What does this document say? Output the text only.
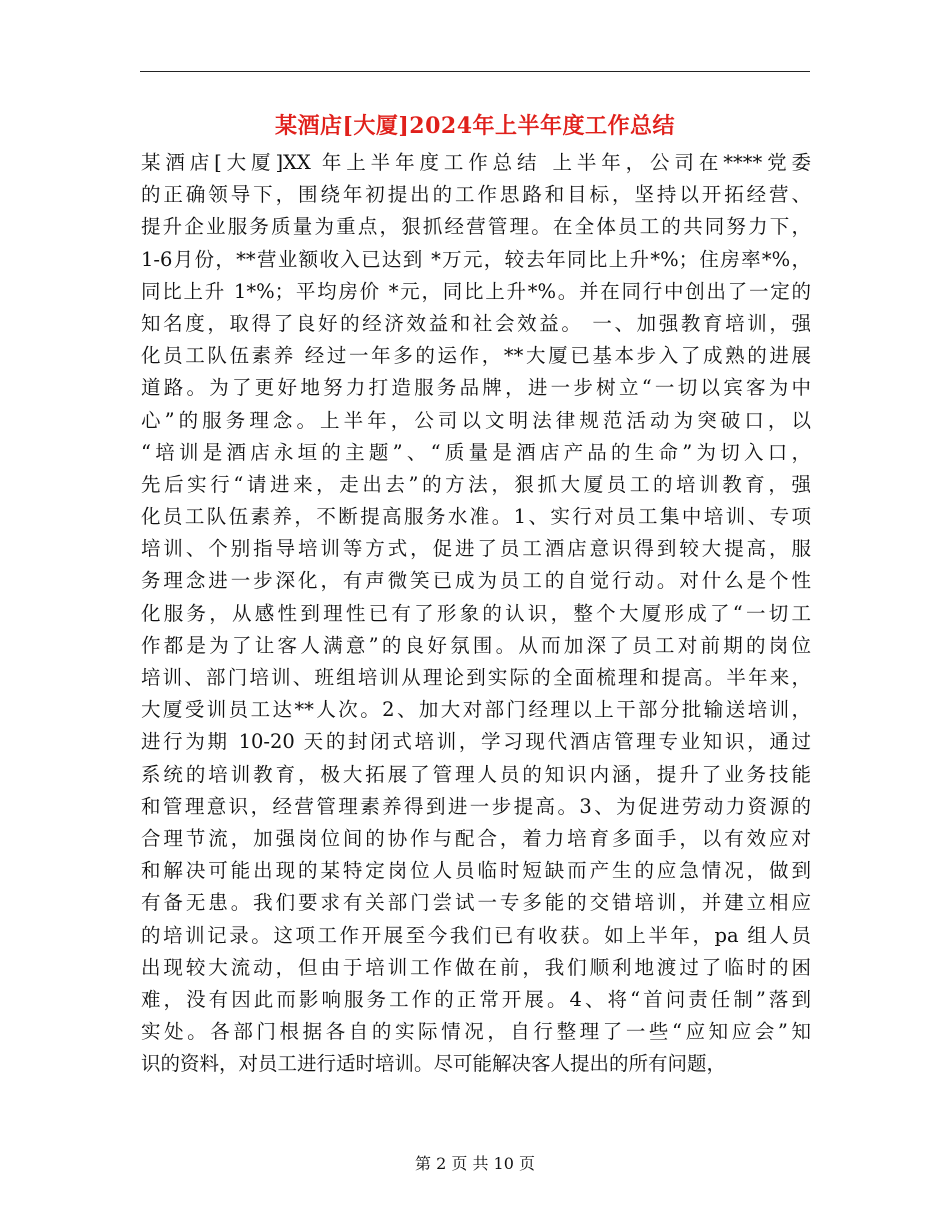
某酒店[大厦]2024年上半年度工作总结
某酒店[大厦]XX 年上半年度工作总结 上半年，公司在****党委
的正确领导下，围绕年初提出的工作思路和目标，坚持以开拓经营、
提升企业服务质量为重点，狠抓经营管理。在全体员工的共同努力下，
1-6月份，**营业额收入已达到 *万元，较去年同比上升*%；住房率*%，
同比上升 1*%；平均房价 *元，同比上升*%。并在同行中创出了一定的
知名度，取得了良好的经济效益和社会效益。 一、加强教育培训，强
化员工队伍素养 经过一年多的运作，**大厦已基本步入了成熟的进展
道路。为了更好地努力打造服务品牌，进一步树立“一切以宾客为中
心”的服务理念。上半年，公司以文明法律规范活动为突破口，以
“培训是酒店永垣的主题”、“质量是酒店产品的生命”为切入口，
先后实行“请进来，走出去”的方法，狠抓大厦员工的培训教育，强
化员工队伍素养，不断提高服务水准。1、实行对员工集中培训、专项
培训、个别指导培训等方式，促进了员工酒店意识得到较大提高，服
务理念进一步深化，有声微笑已成为员工的自觉行动。对什么是个性
化服务，从感性到理性已有了形象的认识，整个大厦形成了“一切工
作都是为了让客人满意”的良好氛围。从而加深了员工对前期的岗位
培训、部门培训、班组培训从理论到实际的全面梳理和提高。半年来，
大厦受训员工达**人次。2、加大对部门经理以上干部分批输送培训，
进行为期 10-20 天的封闭式培训，学习现代酒店管理专业知识，通过
系统的培训教育，极大拓展了管理人员的知识内涵，提升了业务技能
和管理意识，经营管理素养得到进一步提高。3、为促进劳动力资源的
合理节流，加强岗位间的协作与配合，着力培育多面手，以有效应对
和解决可能出现的某特定岗位人员临时短缺而产生的应急情况，做到
有备无患。我们要求有关部门尝试一专多能的交错培训，并建立相应
的培训记录。这项工作开展至今我们已有收获。如上半年，pa 组人员
出现较大流动，但由于培训工作做在前，我们顺利地渡过了临时的困
难，没有因此而影响服务工作的正常开展。4、将“首问责任制”落到
实处。各部门根据各自的实际情况，自行整理了一些“应知应会”知
识的资料，对员工进行适时培训。尽可能解决客人提出的所有问题，
第 2 页 共 10 页
